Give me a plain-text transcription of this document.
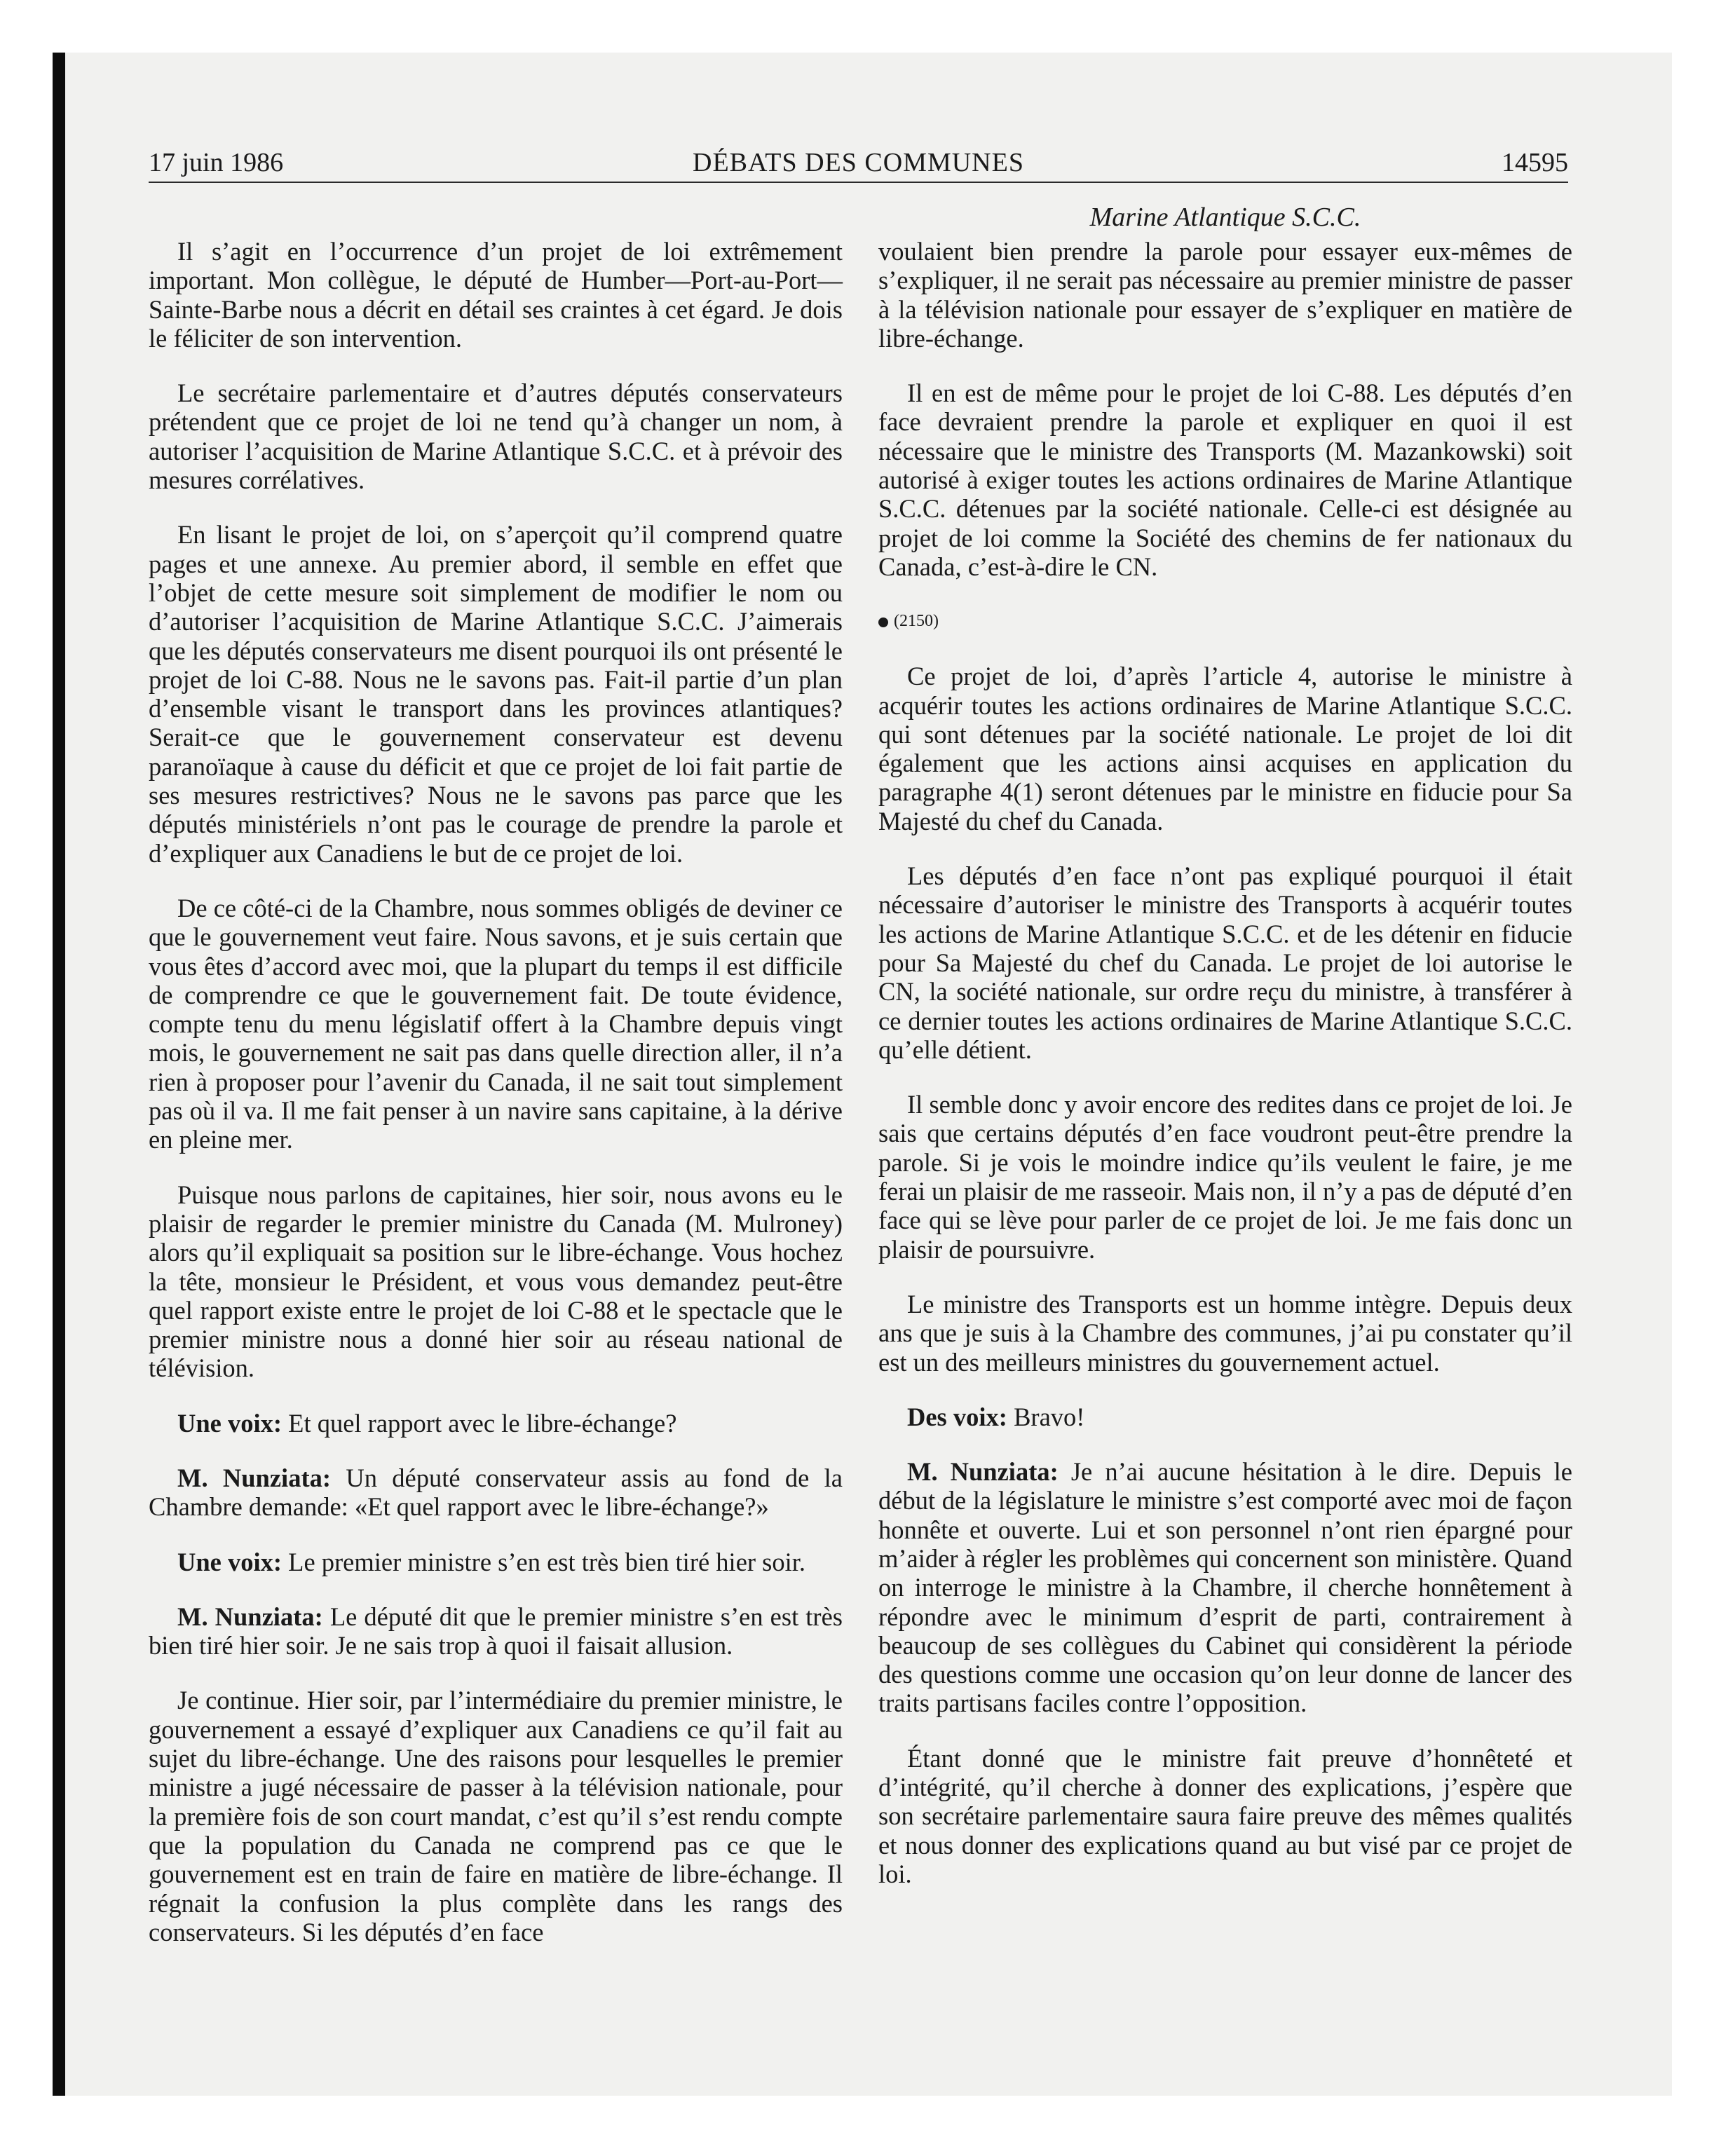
17 juin 1986	DÉBATS DES COMMUNES	14595
Marine Atlantique S.C.C.

Il s’agit en l’occurrence d’un projet de loi extrêmement important. Mon collègue, le député de Humber—Port-au-Port—Sainte-Barbe nous a décrit en détail ses craintes à cet égard. Je dois le féliciter de son intervention.

Le secrétaire parlementaire et d’autres députés conservateurs prétendent que ce projet de loi ne tend qu’à changer un nom, à autoriser l’acquisition de Marine Atlantique S.C.C. et à prévoir des mesures corrélatives.

En lisant le projet de loi, on s’aperçoit qu’il comprend quatre pages et une annexe. Au premier abord, il semble en effet que l’objet de cette mesure soit simplement de modifier le nom ou d’autoriser l’acquisition de Marine Atlantique S.C.C. J’aimerais que les députés conservateurs me disent pourquoi ils ont présenté le projet de loi C-88. Nous ne le savons pas. Fait-il partie d’un plan d’ensemble visant le transport dans les provinces atlantiques? Serait-ce que le gouvernement conservateur est devenu paranoïaque à cause du déficit et que ce projet de loi fait partie de ses mesures restrictives? Nous ne le savons pas parce que les députés ministériels n’ont pas le courage de prendre la parole et d’expliquer aux Canadiens le but de ce projet de loi.

De ce côté-ci de la Chambre, nous sommes obligés de deviner ce que le gouvernement veut faire. Nous savons, et je suis certain que vous êtes d’accord avec moi, que la plupart du temps il est difficile de comprendre ce que le gouvernement fait. De toute évidence, compte tenu du menu législatif offert à la Chambre depuis vingt mois, le gouvernement ne sait pas dans quelle direction aller, il n’a rien à proposer pour l’avenir du Canada, il ne sait tout simplement pas où il va. Il me fait penser à un navire sans capitaine, à la dérive en pleine mer.

Puisque nous parlons de capitaines, hier soir, nous avons eu le plaisir de regarder le premier ministre du Canada (M. Mulroney) alors qu’il expliquait sa position sur le libre-échange. Vous hochez la tête, monsieur le Président, et vous vous demandez peut-être quel rapport existe entre le projet de loi C-88 et le spectacle que le premier ministre nous a donné hier soir au réseau national de télévision.

Une voix: Et quel rapport avec le libre-échange?

M. Nunziata: Un député conservateur assis au fond de la Chambre demande: «Et quel rapport avec le libre-échange?»

Une voix: Le premier ministre s’en est très bien tiré hier soir.

M. Nunziata: Le député dit que le premier ministre s’en est très bien tiré hier soir. Je ne sais trop à quoi il faisait allusion.

Je continue. Hier soir, par l’intermédiaire du premier ministre, le gouvernement a essayé d’expliquer aux Canadiens ce qu’il fait au sujet du libre-échange. Une des raisons pour lesquelles le premier ministre a jugé nécessaire de passer à la télévision nationale, pour la première fois de son court mandat, c’est qu’il s’est rendu compte que la population du Canada ne comprend pas ce que le gouvernement est en train de faire en matière de libre-échange. Il régnait la confusion la plus complète dans les rangs des conservateurs. Si les députés d’en face

voulaient bien prendre la parole pour essayer eux-mêmes de s’expliquer, il ne serait pas nécessaire au premier ministre de passer à la télévision nationale pour essayer de s’expliquer en matière de libre-échange.

Il en est de même pour le projet de loi C-88. Les députés d’en face devraient prendre la parole et expliquer en quoi il est nécessaire que le ministre des Transports (M. Mazankowski) soit autorisé à exiger toutes les actions ordinaires de Marine Atlantique S.C.C. détenues par la société nationale. Celle-ci est désignée au projet de loi comme la Société des chemins de fer nationaux du Canada, c’est-à-dire le CN.

(2150)

Ce projet de loi, d’après l’article 4, autorise le ministre à acquérir toutes les actions ordinaires de Marine Atlantique S.C.C. qui sont détenues par la société nationale. Le projet de loi dit également que les actions ainsi acquises en application du paragraphe 4(1) seront détenues par le ministre en fiducie pour Sa Majesté du chef du Canada.

Les députés d’en face n’ont pas expliqué pourquoi il était nécessaire d’autoriser le ministre des Transports à acquérir toutes les actions de Marine Atlantique S.C.C. et de les détenir en fiducie pour Sa Majesté du chef du Canada. Le projet de loi autorise le CN, la société nationale, sur ordre reçu du ministre, à transférer à ce dernier toutes les actions ordinaires de Marine Atlantique S.C.C. qu’elle détient.

Il semble donc y avoir encore des redites dans ce projet de loi. Je sais que certains députés d’en face voudront peut-être prendre la parole. Si je vois le moindre indice qu’ils veulent le faire, je me ferai un plaisir de me rasseoir. Mais non, il n’y a pas de député d’en face qui se lève pour parler de ce projet de loi. Je me fais donc un plaisir de poursuivre.

Le ministre des Transports est un homme intègre. Depuis deux ans que je suis à la Chambre des communes, j’ai pu constater qu’il est un des meilleurs ministres du gouvernement actuel.

Des voix: Bravo!

M. Nunziata: Je n’ai aucune hésitation à le dire. Depuis le début de la législature le ministre s’est comporté avec moi de façon honnête et ouverte. Lui et son personnel n’ont rien épargné pour m’aider à régler les problèmes qui concernent son ministère. Quand on interroge le ministre à la Chambre, il cherche honnêtement à répondre avec le minimum d’esprit de parti, contrairement à beaucoup de ses collègues du Cabinet qui considèrent la période des questions comme une occasion qu’on leur donne de lancer des traits partisans faciles contre l’opposition.

Étant donné que le ministre fait preuve d’honnêteté et d’intégrité, qu’il cherche à donner des explications, j’espère que son secrétaire parlementaire saura faire preuve des mêmes qualités et nous donner des explications quand au but visé par ce projet de loi.
